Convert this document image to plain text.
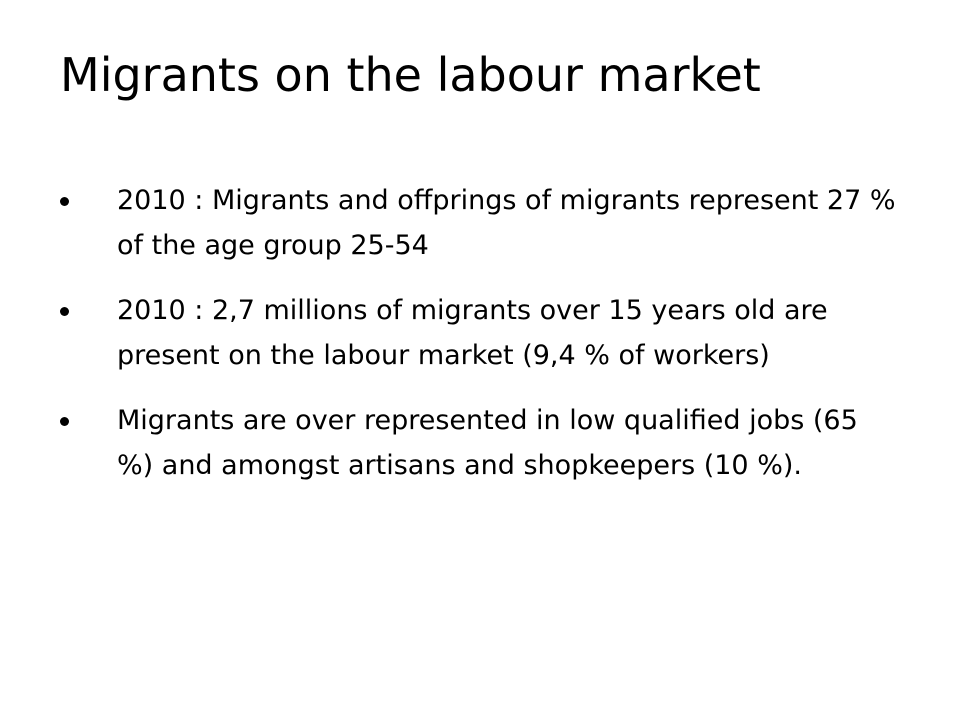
Migrants on the labour market
2010 : Migrants and offprings of migrants represent 27 % of the age group 25-54
2010 : 2,7 millions of migrants over 15 years old are present on the labour market (9,4 % of workers)
Migrants are over represented in low qualified jobs (65 %) and amongst artisans and shopkeepers (10 %).
